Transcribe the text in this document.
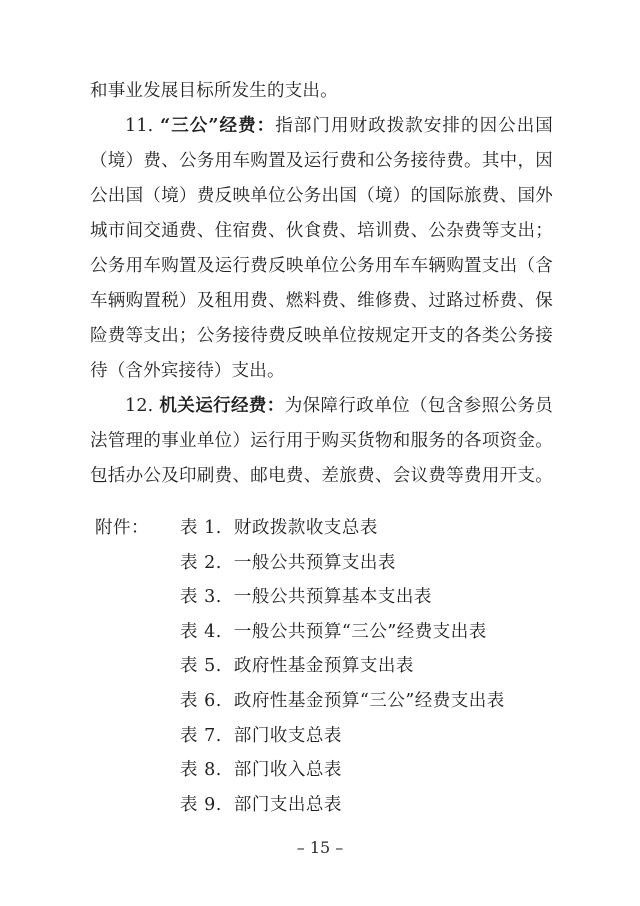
和事业发展目标所发生的支出。
11. “三公”经费：指部门用财政拨款安排的因公出国
（境）费、公务用车购置及运行费和公务接待费。其中，因
公出国（境）费反映单位公务出国（境）的国际旅费、国外
城市间交通费、住宿费、伙食费、培训费、公杂费等支出；
公务用车购置及运行费反映单位公务用车车辆购置支出（含
车辆购置税）及租用费、燃料费、维修费、过路过桥费、保
险费等支出；公务接待费反映单位按规定开支的各类公务接
待（含外宾接待）支出。
12. 机关运行经费：为保障行政单位（包含参照公务员
法管理的事业单位）运行用于购买货物和服务的各项资金。
包括办公及印刷费、邮电费、差旅费、会议费等费用开支。
附件：	表 1.  财政拨款收支总表
表 2.  一般公共预算支出表
表 3.  一般公共预算基本支出表
表 4.  一般公共预算“三公”经费支出表
表 5.  政府性基金预算支出表
表 6.  政府性基金预算“三公”经费支出表
表 7.  部门收支总表
表 8.  部门收入总表
表 9.  部门支出总表
– 15 –
